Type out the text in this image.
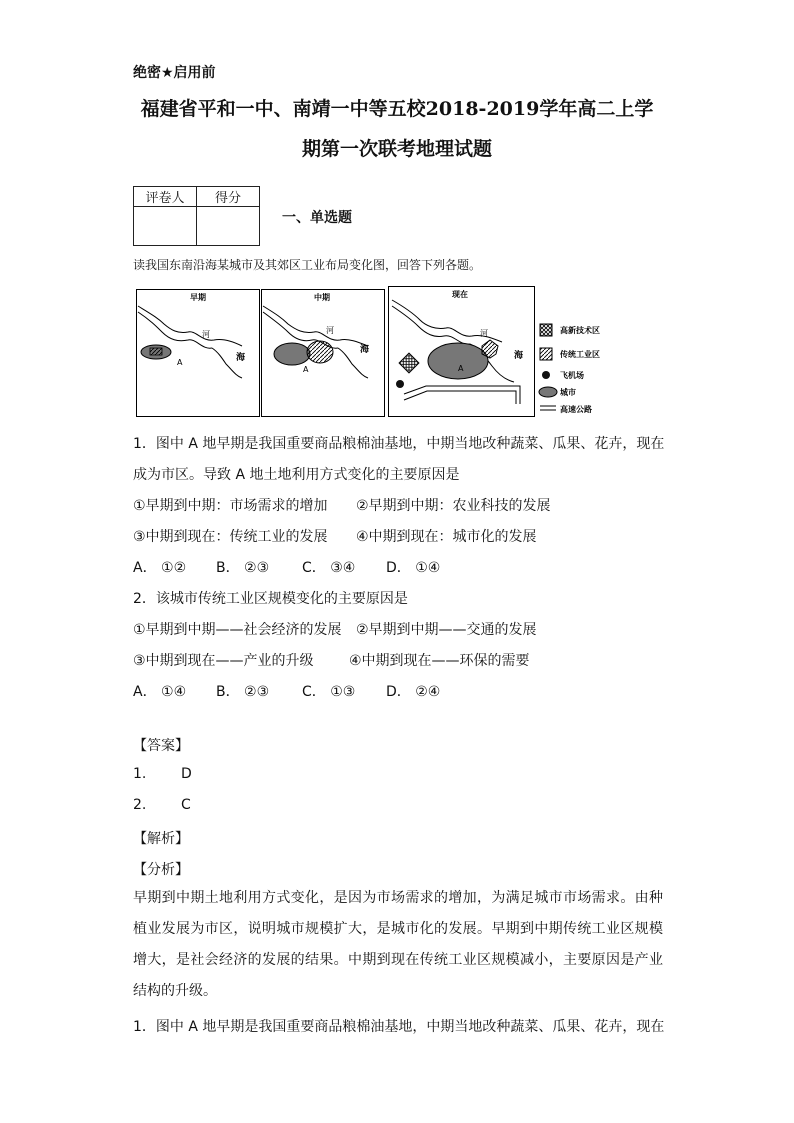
绝密★启用前
福建省平和一中、南靖一中等五校2018-2019学年高二上学
期第一次联考地理试题
评卷人	得分

一、单选题
读我国东南沿海某城市及其郊区工业布局变化图，回答下列各题。
早期
河
海
A
中期
河
海
A
现在
河
海
A
高新技术区
传统工业区
飞机场
城市
高速公路
1．图中 A 地早期是我国重要商品粮棉油基地，中期当地改种蔬菜、瓜果、花卉，现在
成为市区。导致 A 地土地利用方式变化的主要原因是
①早期到中期：市场需求的增加 ②早期到中期：农业科技的发展
③中期到现在：传统工业的发展 ④中期到现在：城市化的发展
A． ①② B． ②③ C． ③④ D． ①④
2．该城市传统工业区规模变化的主要原因是
①早期到中期——社会经济的发展 ②早期到中期——交通的发展
③中期到现在——产业的升级	④中期到现在——环保的需要
A． ①④ B． ②③ C． ①③ D． ②④
【答案】
1. D
2. C
【解析】
【分析】
早期到中期土地利用方式变化，是因为市场需求的增加，为满足城市市场需求。由种植业发展为市区，说明城市规模扩大，是城市化的发展。早期到中期传统工业区规模增大，是社会经济的发展的结果。中期到现在传统工业区规模减小，主要原因是产业结构的升级。
1．图中 A 地早期是我国重要商品粮棉油基地，中期当地改种蔬菜、瓜果、花卉，现在
